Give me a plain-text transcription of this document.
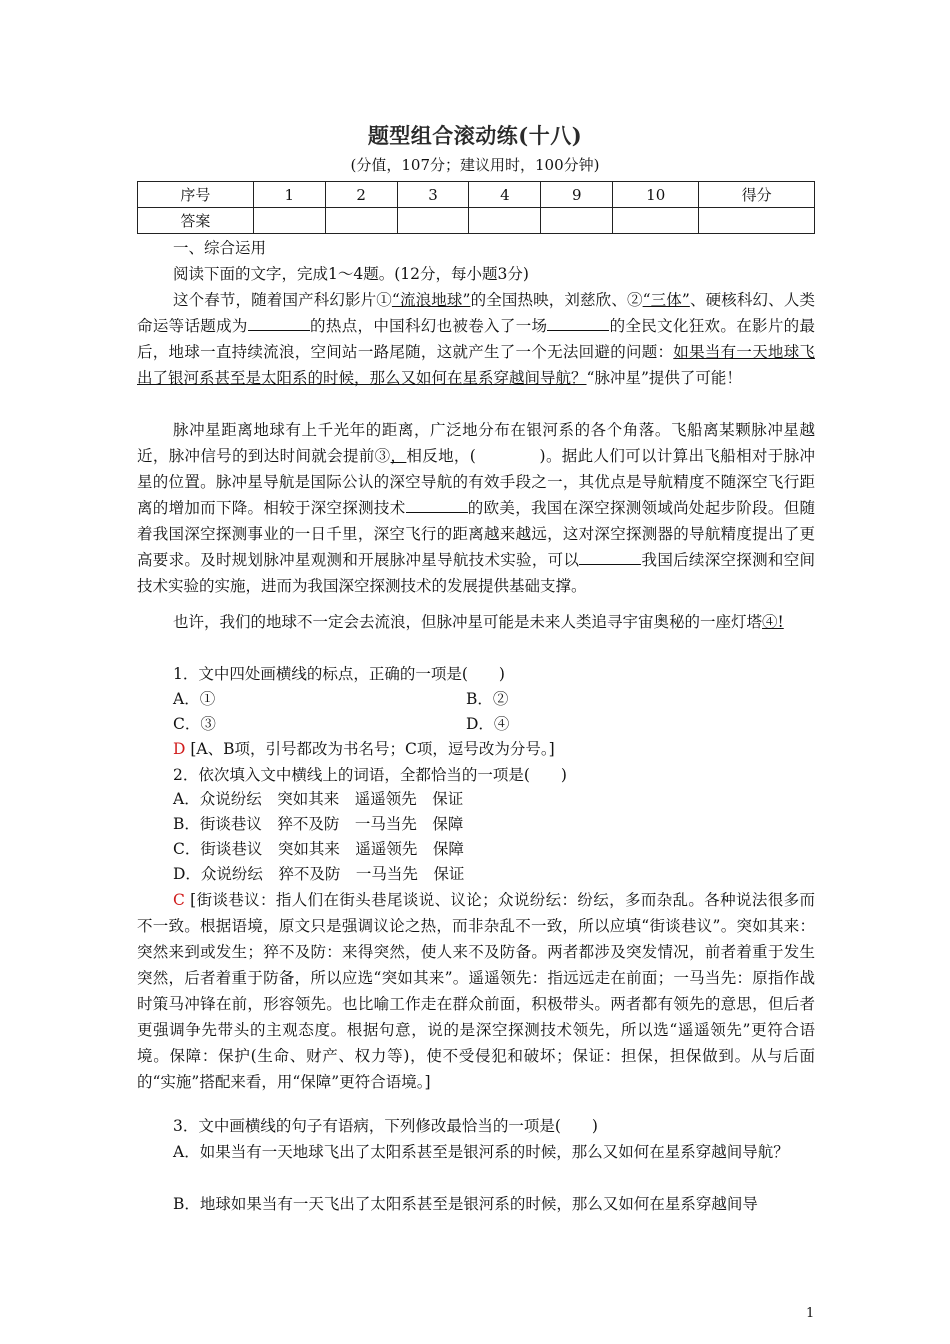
题型组合滚动练(十八)
(分值，107分；建议用时，100分钟)
序号	1	2	3	4	9	10	得分
答案							
一、综合运用
阅读下面的文字，完成1～4题。(12分，每小题3分)
这个春节，随着国产科幻影片①“流浪地球”的全国热映，刘慈欣、②“三体”、硬核科幻、人类命运等话题成为	的热点，中国科幻也被卷入了一场	的全民文化狂欢。在影片的最后，地球一直持续流浪，空间站一路尾随，这就产生了一个无法回避的问题：如果当有一天地球飞出了银河系甚至是太阳系的时候，那么又如何在星系穿越间导航？“脉冲星”提供了可能！
脉冲星距离地球有上千光年的距离，广泛地分布在银河系的各个角落。飞船离某颗脉冲星越近，脉冲信号的到达时间就会提前③，相反地，(　　　　)。据此人们可以计算出飞船相对于脉冲星的位置。脉冲星导航是国际公认的深空导航的有效手段之一，其优点是导航精度不随深空飞行距离的增加而下降。相较于深空探测技术	的欧美，我国在深空探测领域尚处起步阶段。但随着我国深空探测事业的一日千里，深空飞行的距离越来越远，这对深空探测器的导航精度提出了更高要求。及时规划脉冲星观测和开展脉冲星导航技术实验，可以	我国后续深空探测和空间技术实验的实施，进而为我国深空探测技术的发展提供基础支撑。
也许，我们的地球不一定会去流浪，但脉冲星可能是未来人类追寻宇宙奥秘的一座灯塔④!
1．文中四处画横线的标点，正确的一项是(　　)
A．①	B．②
C．③	D．④
D [A、B项，引号都改为书名号；C项，逗号改为分号。]
2．依次填入文中横线上的词语，全都恰当的一项是(　　)
A．众说纷纭　突如其来　遥遥领先　保证
B．街谈巷议　猝不及防　一马当先　保障
C．街谈巷议　突如其来　遥遥领先　保障
D．众说纷纭　猝不及防　一马当先　保证
C [街谈巷议：指人们在街头巷尾谈说、议论；众说纷纭：纷纭，多而杂乱。各种说法很多而不一致。根据语境，原文只是强调议论之热，而非杂乱不一致，所以应填“街谈巷议”。突如其来：突然来到或发生；猝不及防：来得突然，使人来不及防备。两者都涉及突发情况，前者着重于发生突然，后者着重于防备，所以应选“突如其来”。遥遥领先：指远远走在前面；一马当先：原指作战时策马冲锋在前，形容领先。也比喻工作走在群众前面，积极带头。两者都有领先的意思，但后者更强调争先带头的主观态度。根据句意，说的是深空探测技术领先，所以选“遥遥领先”更符合语境。保障：保护(生命、财产、权力等)，使不受侵犯和破坏；保证：担保，担保做到。从与后面的“实施”搭配来看，用“保障”更符合语境。]
3．文中画横线的句子有语病，下列修改最恰当的一项是(　　)
A．如果当有一天地球飞出了太阳系甚至是银河系的时候，那么又如何在星系穿越间导航？
B．地球如果当有一天飞出了太阳系甚至是银河系的时候，那么又如何在星系穿越间导
1
